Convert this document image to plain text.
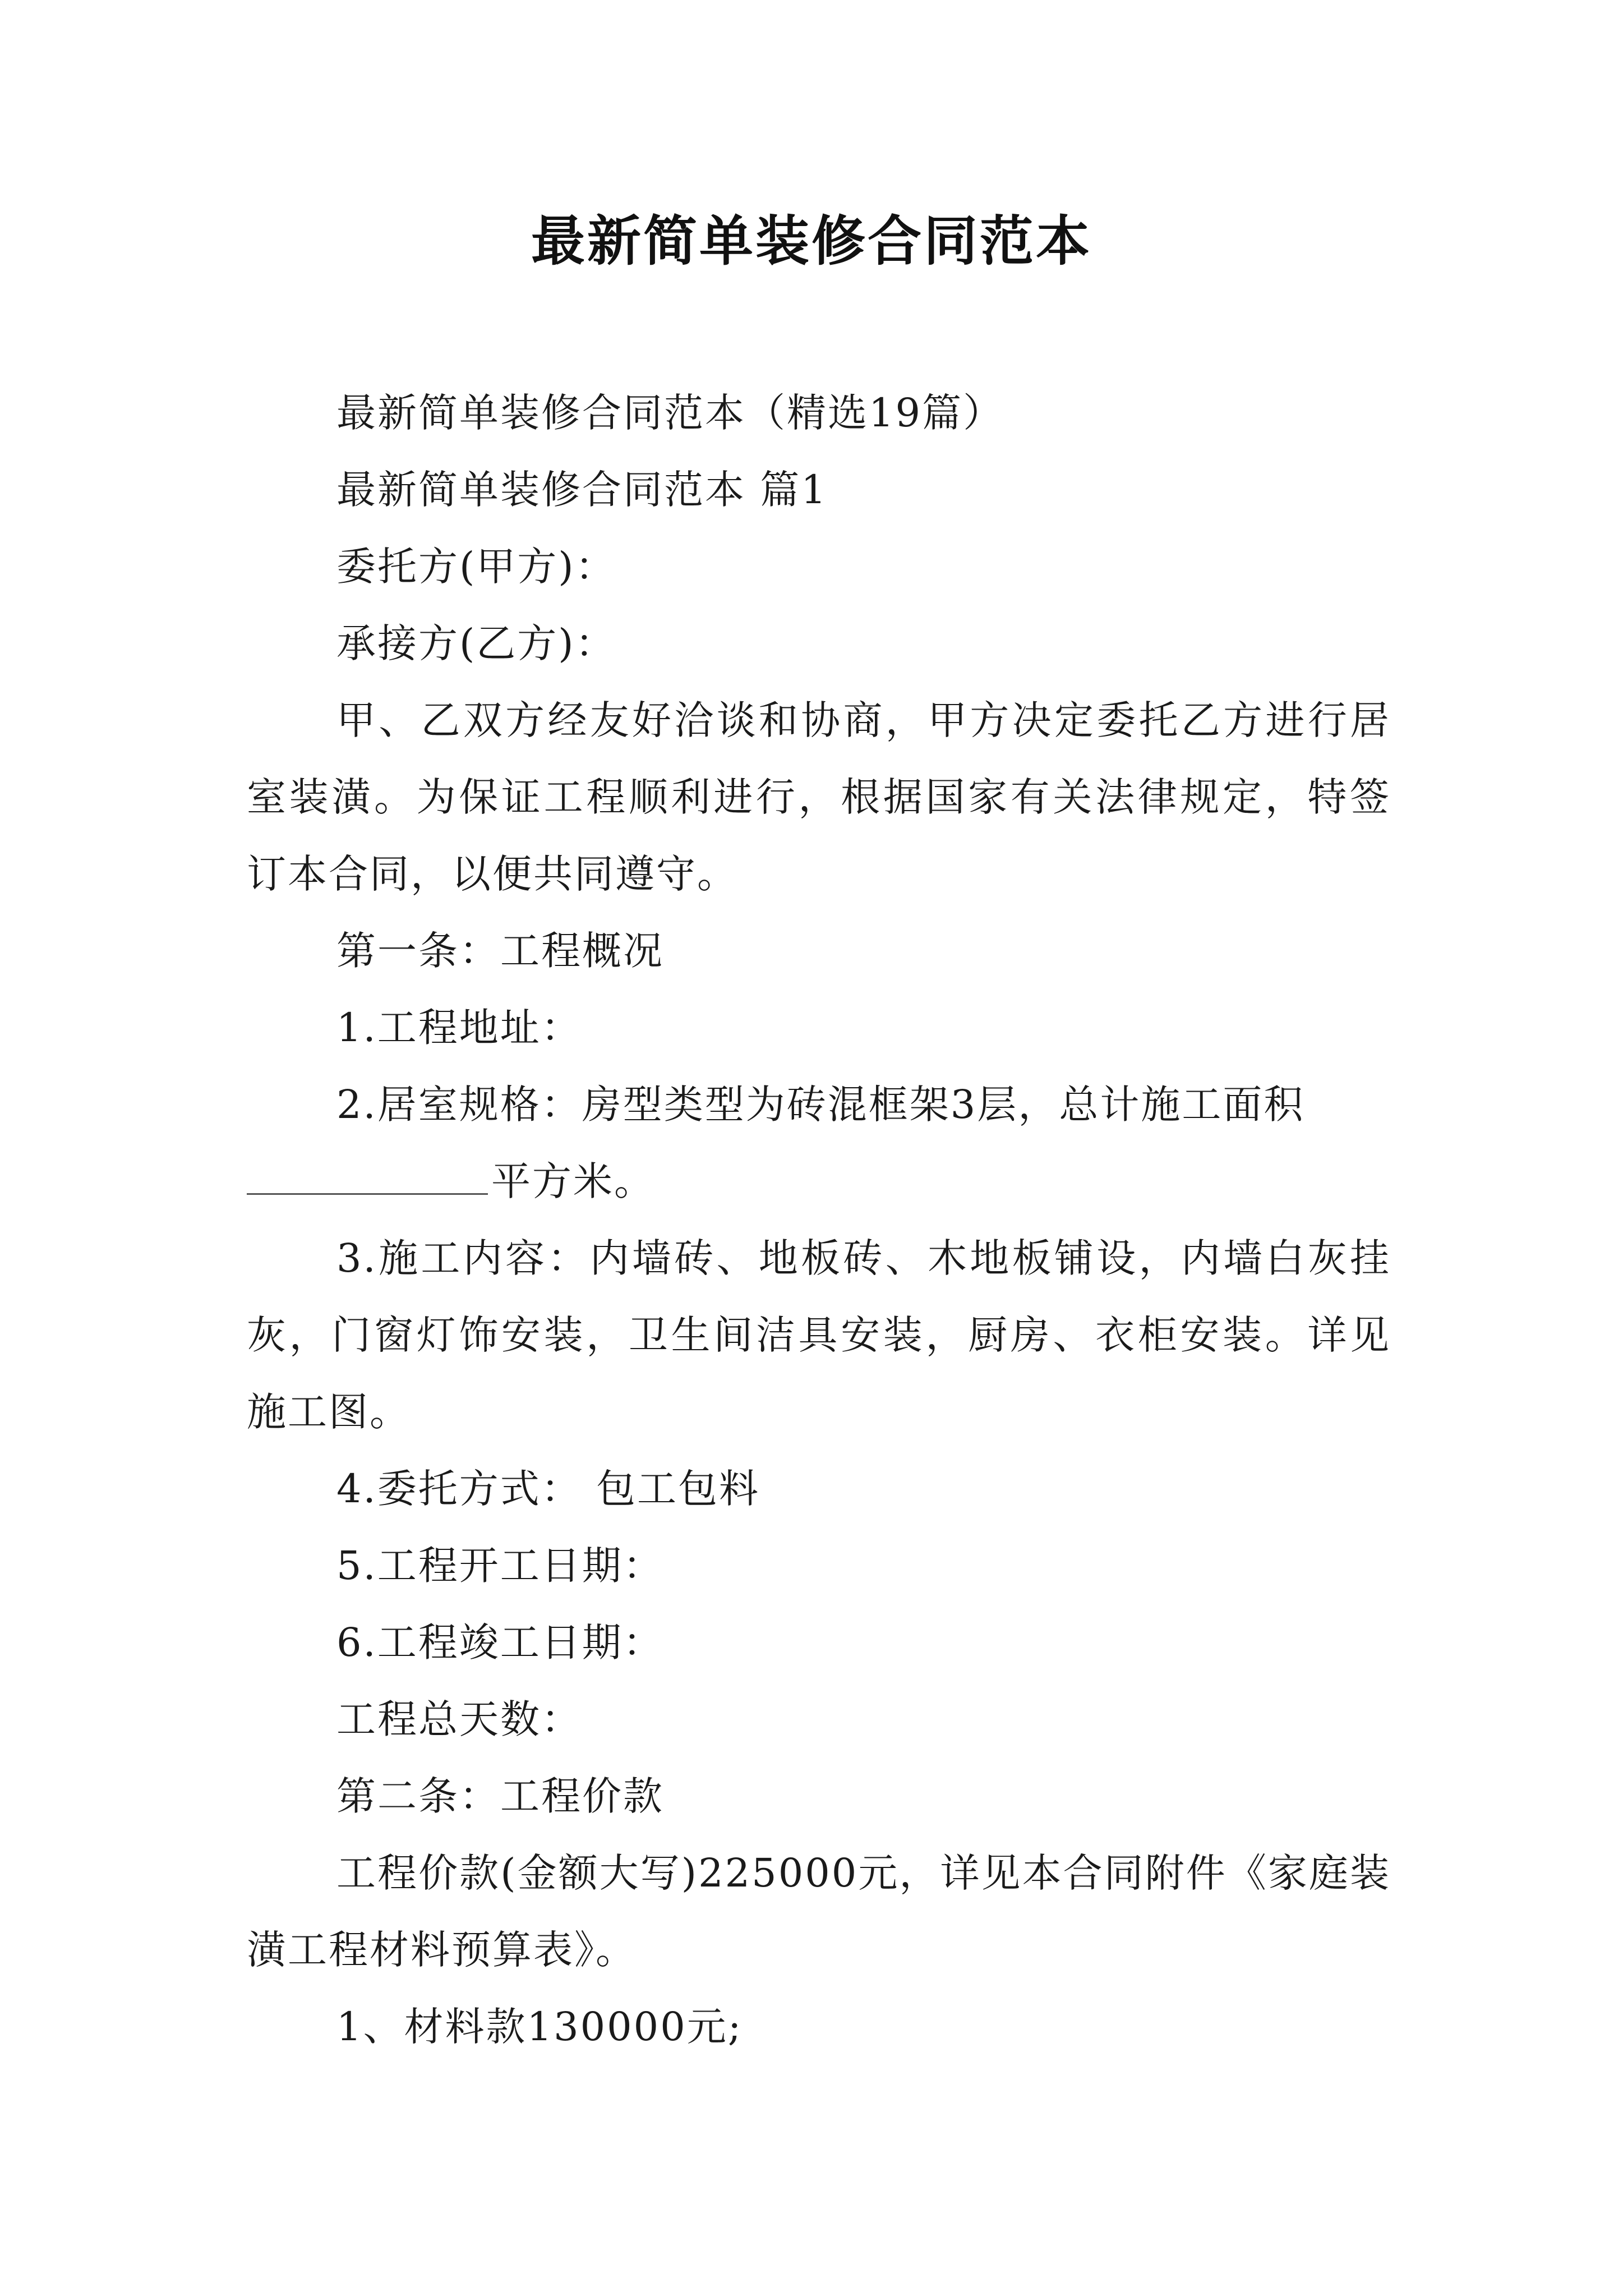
最新简单装修合同范本

最新简单装修合同范本（精选19篇）

最新简单装修合同范本 篇1

委托方(甲方)：

承接方(乙方)：

甲、乙双方经友好洽谈和协商，甲方决定委托乙方进行居室装潢。为保证工程顺利进行，根据国家有关法律规定，特签订本合同，以便共同遵守。

第一条：工程概况

1.工程地址：

2.居室规格：房型类型为砖混框架3层，总计施工面积

平方米。

3.施工内容：内墙砖、地板砖、木地板铺设，内墙白灰挂灰，门窗灯饰安装，卫生间洁具安装，厨房、衣柜安装。详见施工图。

4.委托方式： 包工包料

5.工程开工日期：

6.工程竣工日期：

工程总天数：

第二条：工程价款

工程价款(金额大写)225000元，详见本合同附件《家庭装潢工程材料预算表》。

1、材料款130000元;
